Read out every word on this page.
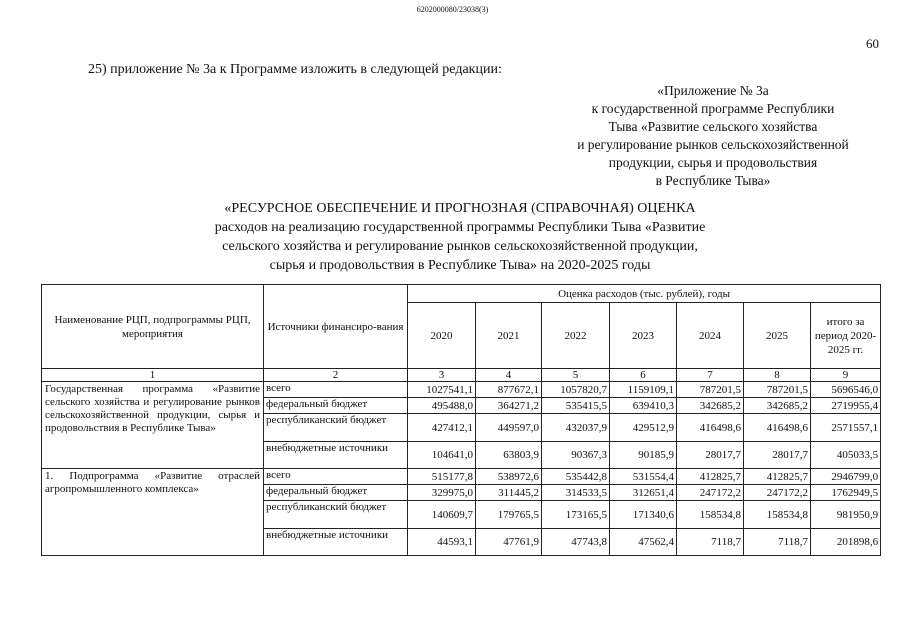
6202000080/23038(3)
60
25) приложение № 3а к Программе изложить в следующей редакции:
«Приложение № 3а
к государственной программе Республики
Тыва «Развитие сельского хозяйства
и регулирование рынков сельскохозяйственной
продукции, сырья и продовольствия
в Республике Тыва»
«РЕСУРСНОЕ ОБЕСПЕЧЕНИЕ И ПРОГНОЗНАЯ (СПРАВОЧНАЯ) ОЦЕНКА
расходов на реализацию государственной программы Республики Тыва «Развитие
сельского хозяйства и регулирование рынков сельскохозяйственной продукции,
сырья и продовольствия в Республике Тыва» на 2020-2025 годы
Наименование РЦП, подпрограммы РЦП, мероприятия	Источники финансиро-вания	Оценка расходов (тыс. рублей), годы						
		2020	2021	2022	2023	2024	2025	итого за период 2020-2025 гг.
1	2	3	4	5	6	7	8	9
Государственная программа «Развитие сельского хозяйства и регулирование рынков сельскохозяйственной продукции, сырья и продовольствия в Республике Тыва»	всего	1027541,1	877672,1	1057820,7	1159109,1	787201,5	787201,5	5696546,0
	федеральный бюджет	495488,0	364271,2	535415,5	639410,3	342685,2	342685,2	2719955,4
	республиканский бюджет	427412,1	449597,0	432037,9	429512,9	416498,6	416498,6	2571557,1
	внебюджетные источники	104641,0	63803,9	90367,3	90185,9	28017,7	28017,7	405033,5
1. Подпрограмма «Развитие отраслей агропромышленного комплекса»	всего	515177,8	538972,6	535442,8	531554,4	412825,7	412825,7	2946799,0
	федеральный бюджет	329975,0	311445,2	314533,5	312651,4	247172,2	247172,2	1762949,5
	республиканский бюджет	140609,7	179765,5	173165,5	171340,6	158534,8	158534,8	981950,9
	внебюджетные источники	44593,1	47761,9	47743,8	47562,4	7118,7	7118,7	201898,6
